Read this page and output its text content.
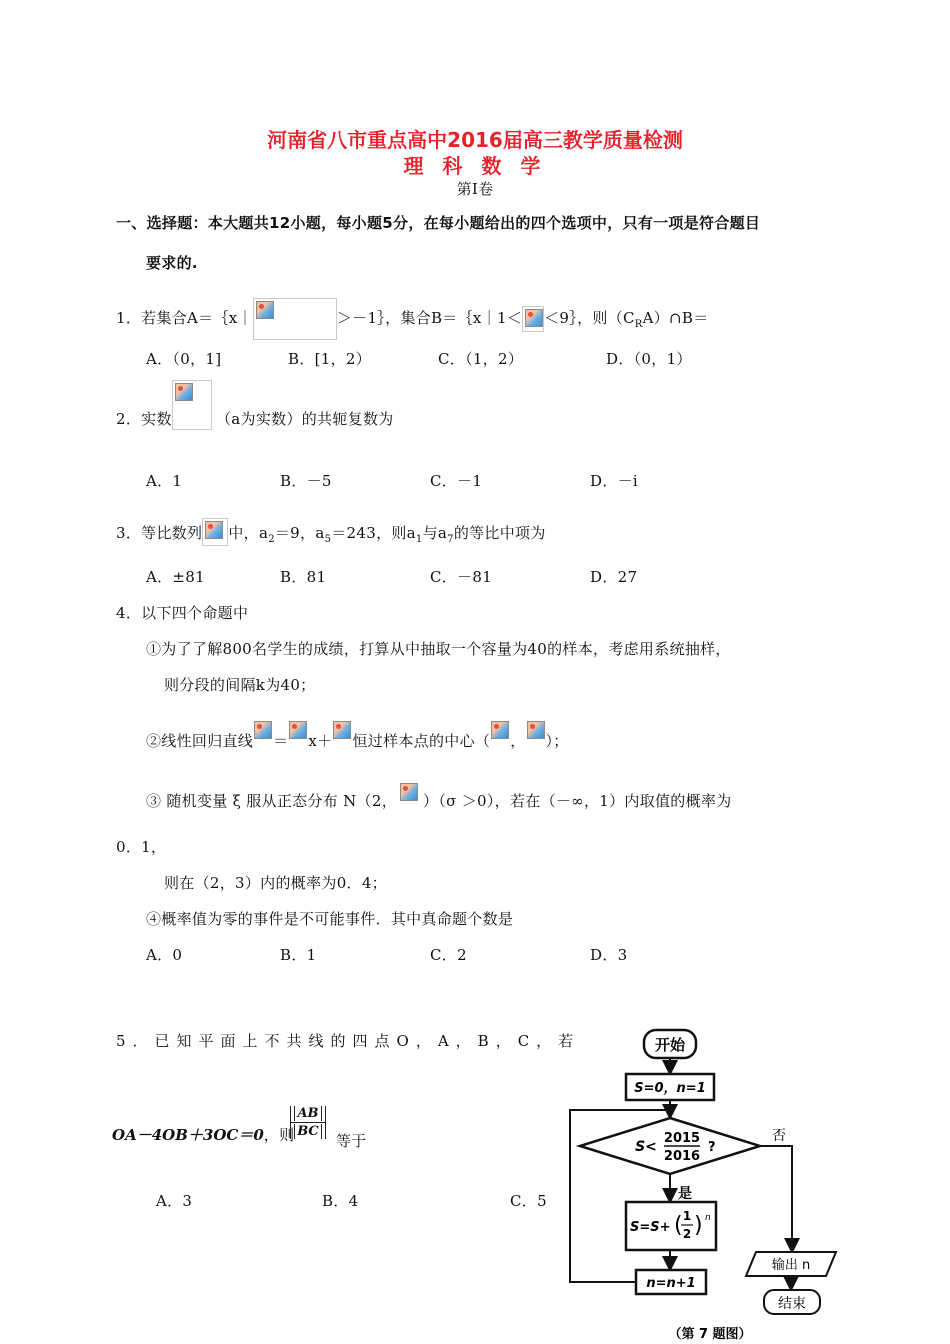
河南省八市重点高中2016届高三教学质量检测
理 科 数 学
第Ⅰ卷
一、选择题：本大题共12小题，每小题5分，在每小题给出的四个选项中，只有一项是符合题目
要求的.
1．若集合A＝｛x｜	＞－1｝，集合B＝｛x｜1＜ ＜9｝，则$(C_RA)\cap B=$
A．（0，1]	B．[1，2）	C．（1，2）	D．（0，1）
2．实数	（a为实数）的共轭复数为
A．1	B．－5	C．－1	D．－i
3．等比数列 中，$a_2=9$，$a_5=243$，则$a_1$与$a_7$的等比中项为
A．±81	B．81	C．－81	D．27
4．以下四个命题中
①为了了解800名学生的成绩，打算从中抽取一个容量为40的样本，考虑用系统抽样，
则分段的间隔k为40；
②线性回归直线 ＝ x＋ 恒过样本点的中心（ ， ）；
③ 随机变量 ξ 服从正态分布 N（2， ）（σ ＞0），若在（－∞，1）内取值的概率为
0．1，
则在（2，3）内的概率为0．4；
④概率值为零的事件是不可能事件．其中真命题个数是
A．0	B．1	C．2	D．3
5．已知平面上不共线的四点O，A，B，C，若
OA－4OB＋3OC＝0，则
AB
BC
等于
A．3	B．4	C．5
开始
S=0，n=1
S<
2015
2016
?
否
是
S=S+ ( 1
2 ) n
n=n+1
输出 n
结束
（第 7 题图）
